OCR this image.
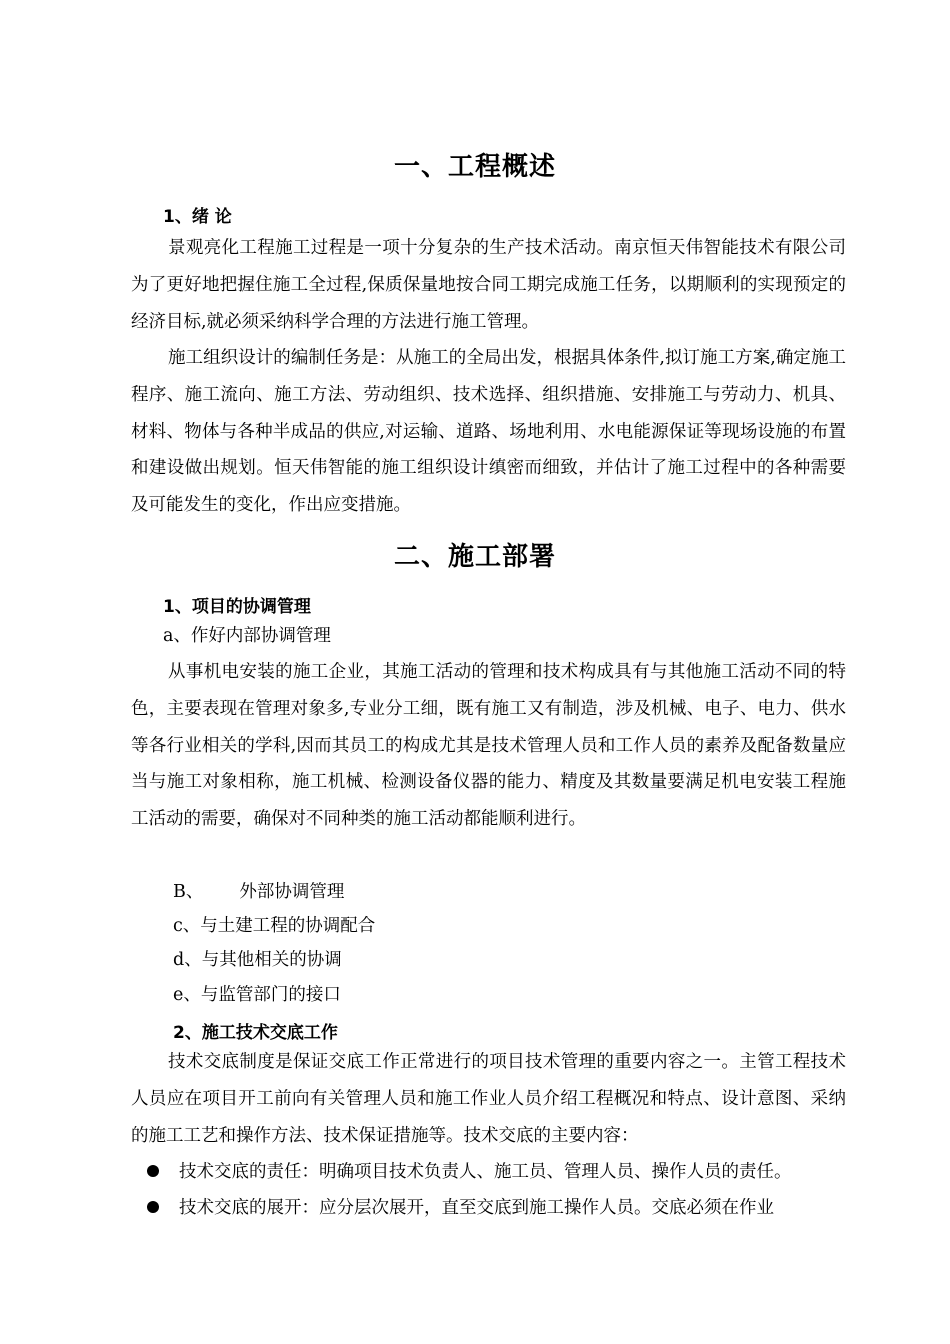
一、工程概述
1、绪 论

景观亮化工程施工过程是一项十分复杂的生产技术活动。南京恒天伟智能技术有限公司为了更好地把握住施工全过程,保质保量地按合同工期完成施工任务，以期顺利的实现预定的经济目标,就必须采纳科学合理的方法进行施工管理。

施工组织设计的编制任务是：从施工的全局出发，根据具体条件,拟订施工方案,确定施工程序、施工流向、施工方法、劳动组织、技术选择、组织措施、安排施工与劳动力、机具、材料、物体与各种半成品的供应,对运输、道路、场地利用、水电能源保证等现场设施的布置和建设做出规划。恒天伟智能的施工组织设计缜密而细致，并估计了施工过程中的各种需要及可能发生的变化，作出应变措施。

二、施工部署
1、项目的协调管理
a、作好内部协调管理

从事机电安装的施工企业，其施工活动的管理和技术构成具有与其他施工活动不同的特色，主要表现在管理对象多,专业分工细，既有施工又有制造，涉及机械、电子、电力、供水等各行业相关的学科,因而其员工的构成尤其是技术管理人员和工作人员的素养及配备数量应当与施工对象相称，施工机械、检测设备仪器的能力、精度及其数量要满足机电安装工程施工活动的需要，确保对不同种类的施工活动都能顺利进行。

B、 外部协调管理
c、与土建工程的协调配合
d、与其他相关的协调
e、与监管部门的接口
2、施工技术交底工作

技术交底制度是保证交底工作正常进行的项目技术管理的重要内容之一。主管工程技术人员应在项目开工前向有关管理人员和施工作业人员介绍工程概况和特点、设计意图、采纳的施工工艺和操作方法、技术保证措施等。技术交底的主要内容：

技术交底的责任：明确项目技术负责人、施工员、管理人员、操作人员的责任。
技术交底的展开：应分层次展开，直至交底到施工操作人员。交底必须在作业
